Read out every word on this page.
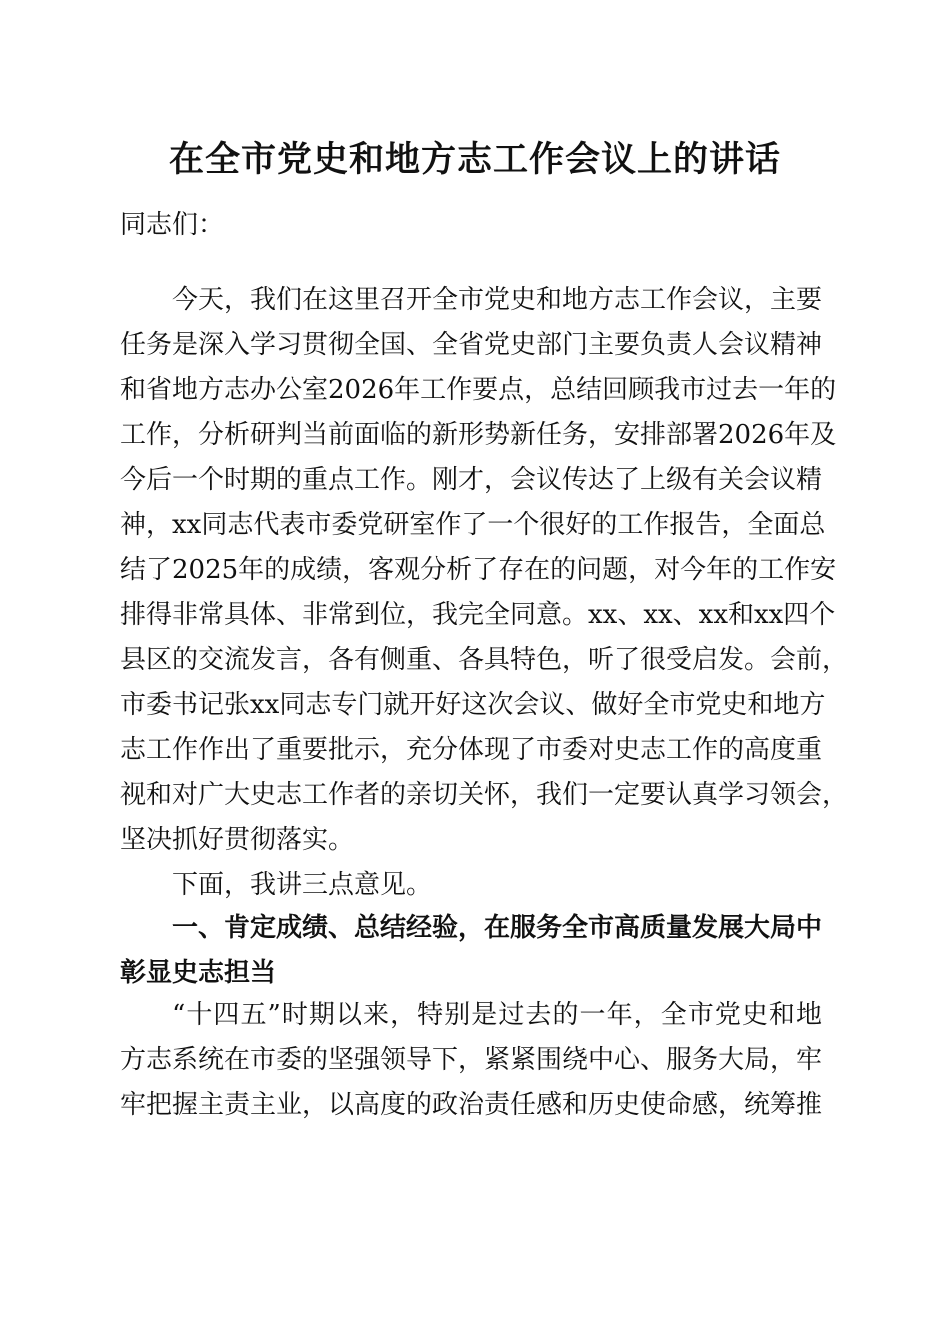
在全市党史和地方志工作会议上的讲话
同志们：
今天，我们在这里召开全市党史和地方志工作会议，主要
任务是深入学习贯彻全国、全省党史部门主要负责人会议精神
和省地方志办公室2026年工作要点，总结回顾我市过去一年的
工作，分析研判当前面临的新形势新任务，安排部署2026年及
今后一个时期的重点工作。刚才，会议传达了上级有关会议精
神，xx同志代表市委党研室作了一个很好的工作报告，全面总
结了2025年的成绩，客观分析了存在的问题，对今年的工作安
排得非常具体、非常到位，我完全同意。xx、xx、xx和xx四个
县区的交流发言，各有侧重、各具特色，听了很受启发。会前，
市委书记张xx同志专门就开好这次会议、做好全市党史和地方
志工作作出了重要批示，充分体现了市委对史志工作的高度重
视和对广大史志工作者的亲切关怀，我们一定要认真学习领会，
坚决抓好贯彻落实。
下面，我讲三点意见。
一、肯定成绩、总结经验，在服务全市高质量发展大局中
彰显史志担当
“十四五”时期以来，特别是过去的一年，全市党史和地
方志系统在市委的坚强领导下，紧紧围绕中心、服务大局，牢
牢把握主责主业，以高度的政治责任感和历史使命感，统筹推
